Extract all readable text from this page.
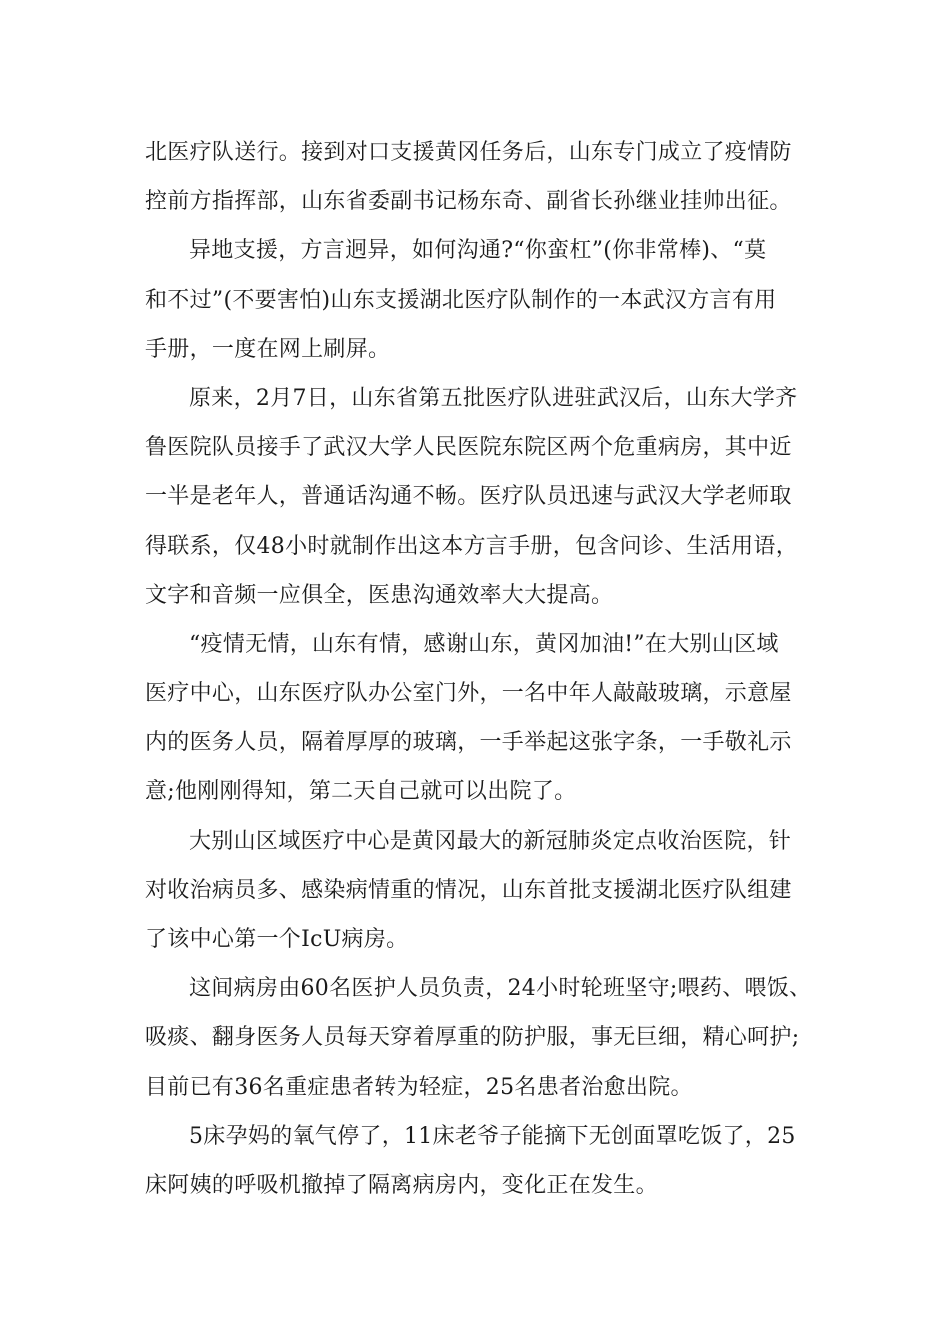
北医疗队送行。接到对口支援黄冈任务后，山东专门成立了疫情防
控前方指挥部，山东省委副书记杨东奇、副省长孙继业挂帅出征。

异地支援，方言迥异，如何沟通?“你蛮杠”(你非常棒)、“莫
和不过”(不要害怕)山东支援湖北医疗队制作的一本武汉方言有用
手册，一度在网上刷屏。

原来，2月7日，山东省第五批医疗队进驻武汉后，山东大学齐
鲁医院队员接手了武汉大学人民医院东院区两个危重病房，其中近
一半是老年人，普通话沟通不畅。医疗队员迅速与武汉大学老师取
得联系，仅48小时就制作出这本方言手册，包含问诊、生活用语，
文字和音频一应俱全，医患沟通效率大大提高。

“疫情无情，山东有情，感谢山东，黄冈加油!”在大别山区域
医疗中心，山东医疗队办公室门外，一名中年人敲敲玻璃，示意屋
内的医务人员，隔着厚厚的玻璃，一手举起这张字条，一手敬礼示
意;他刚刚得知，第二天自己就可以出院了。

大别山区域医疗中心是黄冈最大的新冠肺炎定点收治医院，针
对收治病员多、感染病情重的情况，山东首批支援湖北医疗队组建
了该中心第一个IcU病房。

这间病房由60名医护人员负责，24小时轮班坚守;喂药、喂饭、
吸痰、翻身医务人员每天穿着厚重的防护服，事无巨细，精心呵护;
目前已有36名重症患者转为轻症，25名患者治愈出院。

5床孕妈的氧气停了，11床老爷子能摘下无创面罩吃饭了，25
床阿姨的呼吸机撤掉了隔离病房内，变化正在发生。
